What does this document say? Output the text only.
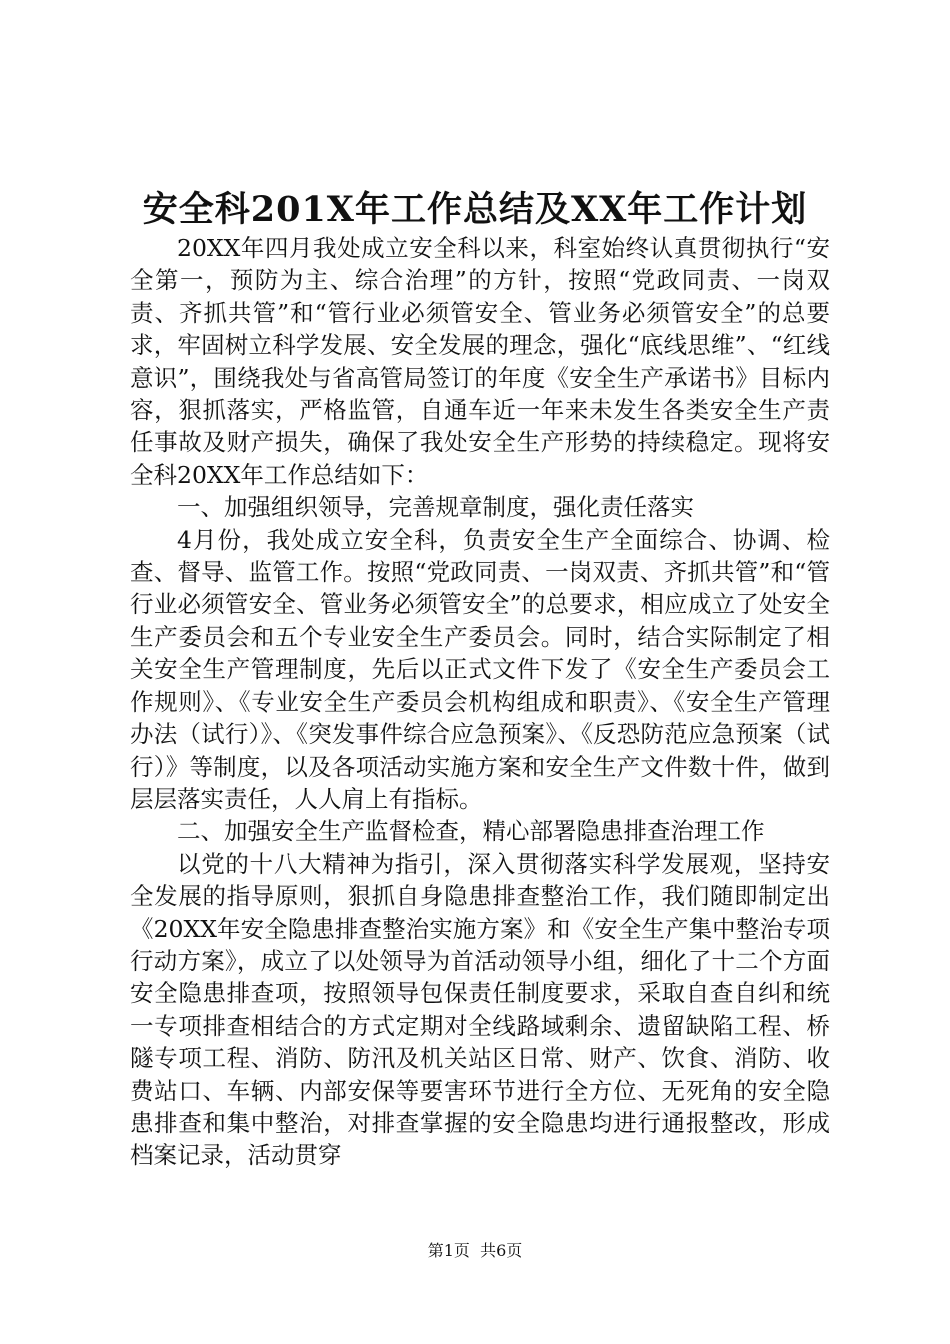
安全科201X年工作总结及XX年工作计划

20XX年四月我处成立安全科以来，科室始终认真贯彻执行“安全第一，预防为主、综合治理”的方针，按照“党政同责、一岗双责、齐抓共管”和“管行业必须管安全、管业务必须管安全”的总要求，牢固树立科学发展、安全发展的理念，强化“底线思维”、“红线意识”，围绕我处与省高管局签订的年度《安全生产承诺书》目标内容，狠抓落实，严格监管，自通车近一年来未发生各类安全生产责任事故及财产损失，确保了我处安全生产形势的持续稳定。现将安全科20XX年工作总结如下：

一、加强组织领导，完善规章制度，强化责任落实

4月份，我处成立安全科，负责安全生产全面综合、协调、检查、督导、监管工作。按照“党政同责、一岗双责、齐抓共管”和“管行业必须管安全、管业务必须管安全”的总要求，相应成立了处安全生产委员会和五个专业安全生产委员会。同时，结合实际制定了相关安全生产管理制度，先后以正式文件下发了《安全生产委员会工作规则》、《专业安全生产委员会机构组成和职责》、《安全生产管理办法（试行）》、《突发事件综合应急预案》、《反恐防范应急预案（试行）》等制度，以及各项活动实施方案和安全生产文件数十件，做到层层落实责任，人人肩上有指标。

二、加强安全生产监督检查，精心部署隐患排查治理工作

以党的十八大精神为指引，深入贯彻落实科学发展观，坚持安全发展的指导原则，狠抓自身隐患排查整治工作，我们随即制定出《20XX年安全隐患排查整治实施方案》和《安全生产集中整治专项行动方案》，成立了以处领导为首活动领导小组，细化了十二个方面安全隐患排查项，按照领导包保责任制度要求，采取自查自纠和统一专项排查相结合的方式定期对全线路域剩余、遗留缺陷工程、桥隧专项工程、消防、防汛及机关站区日常、财产、饮食、消防、收费站口、车辆、内部安保等要害环节进行全方位、无死角的安全隐患排查和集中整治，对排查掌握的安全隐患均进行通报整改，形成档案记录，活动贯穿

第1页 共6页
